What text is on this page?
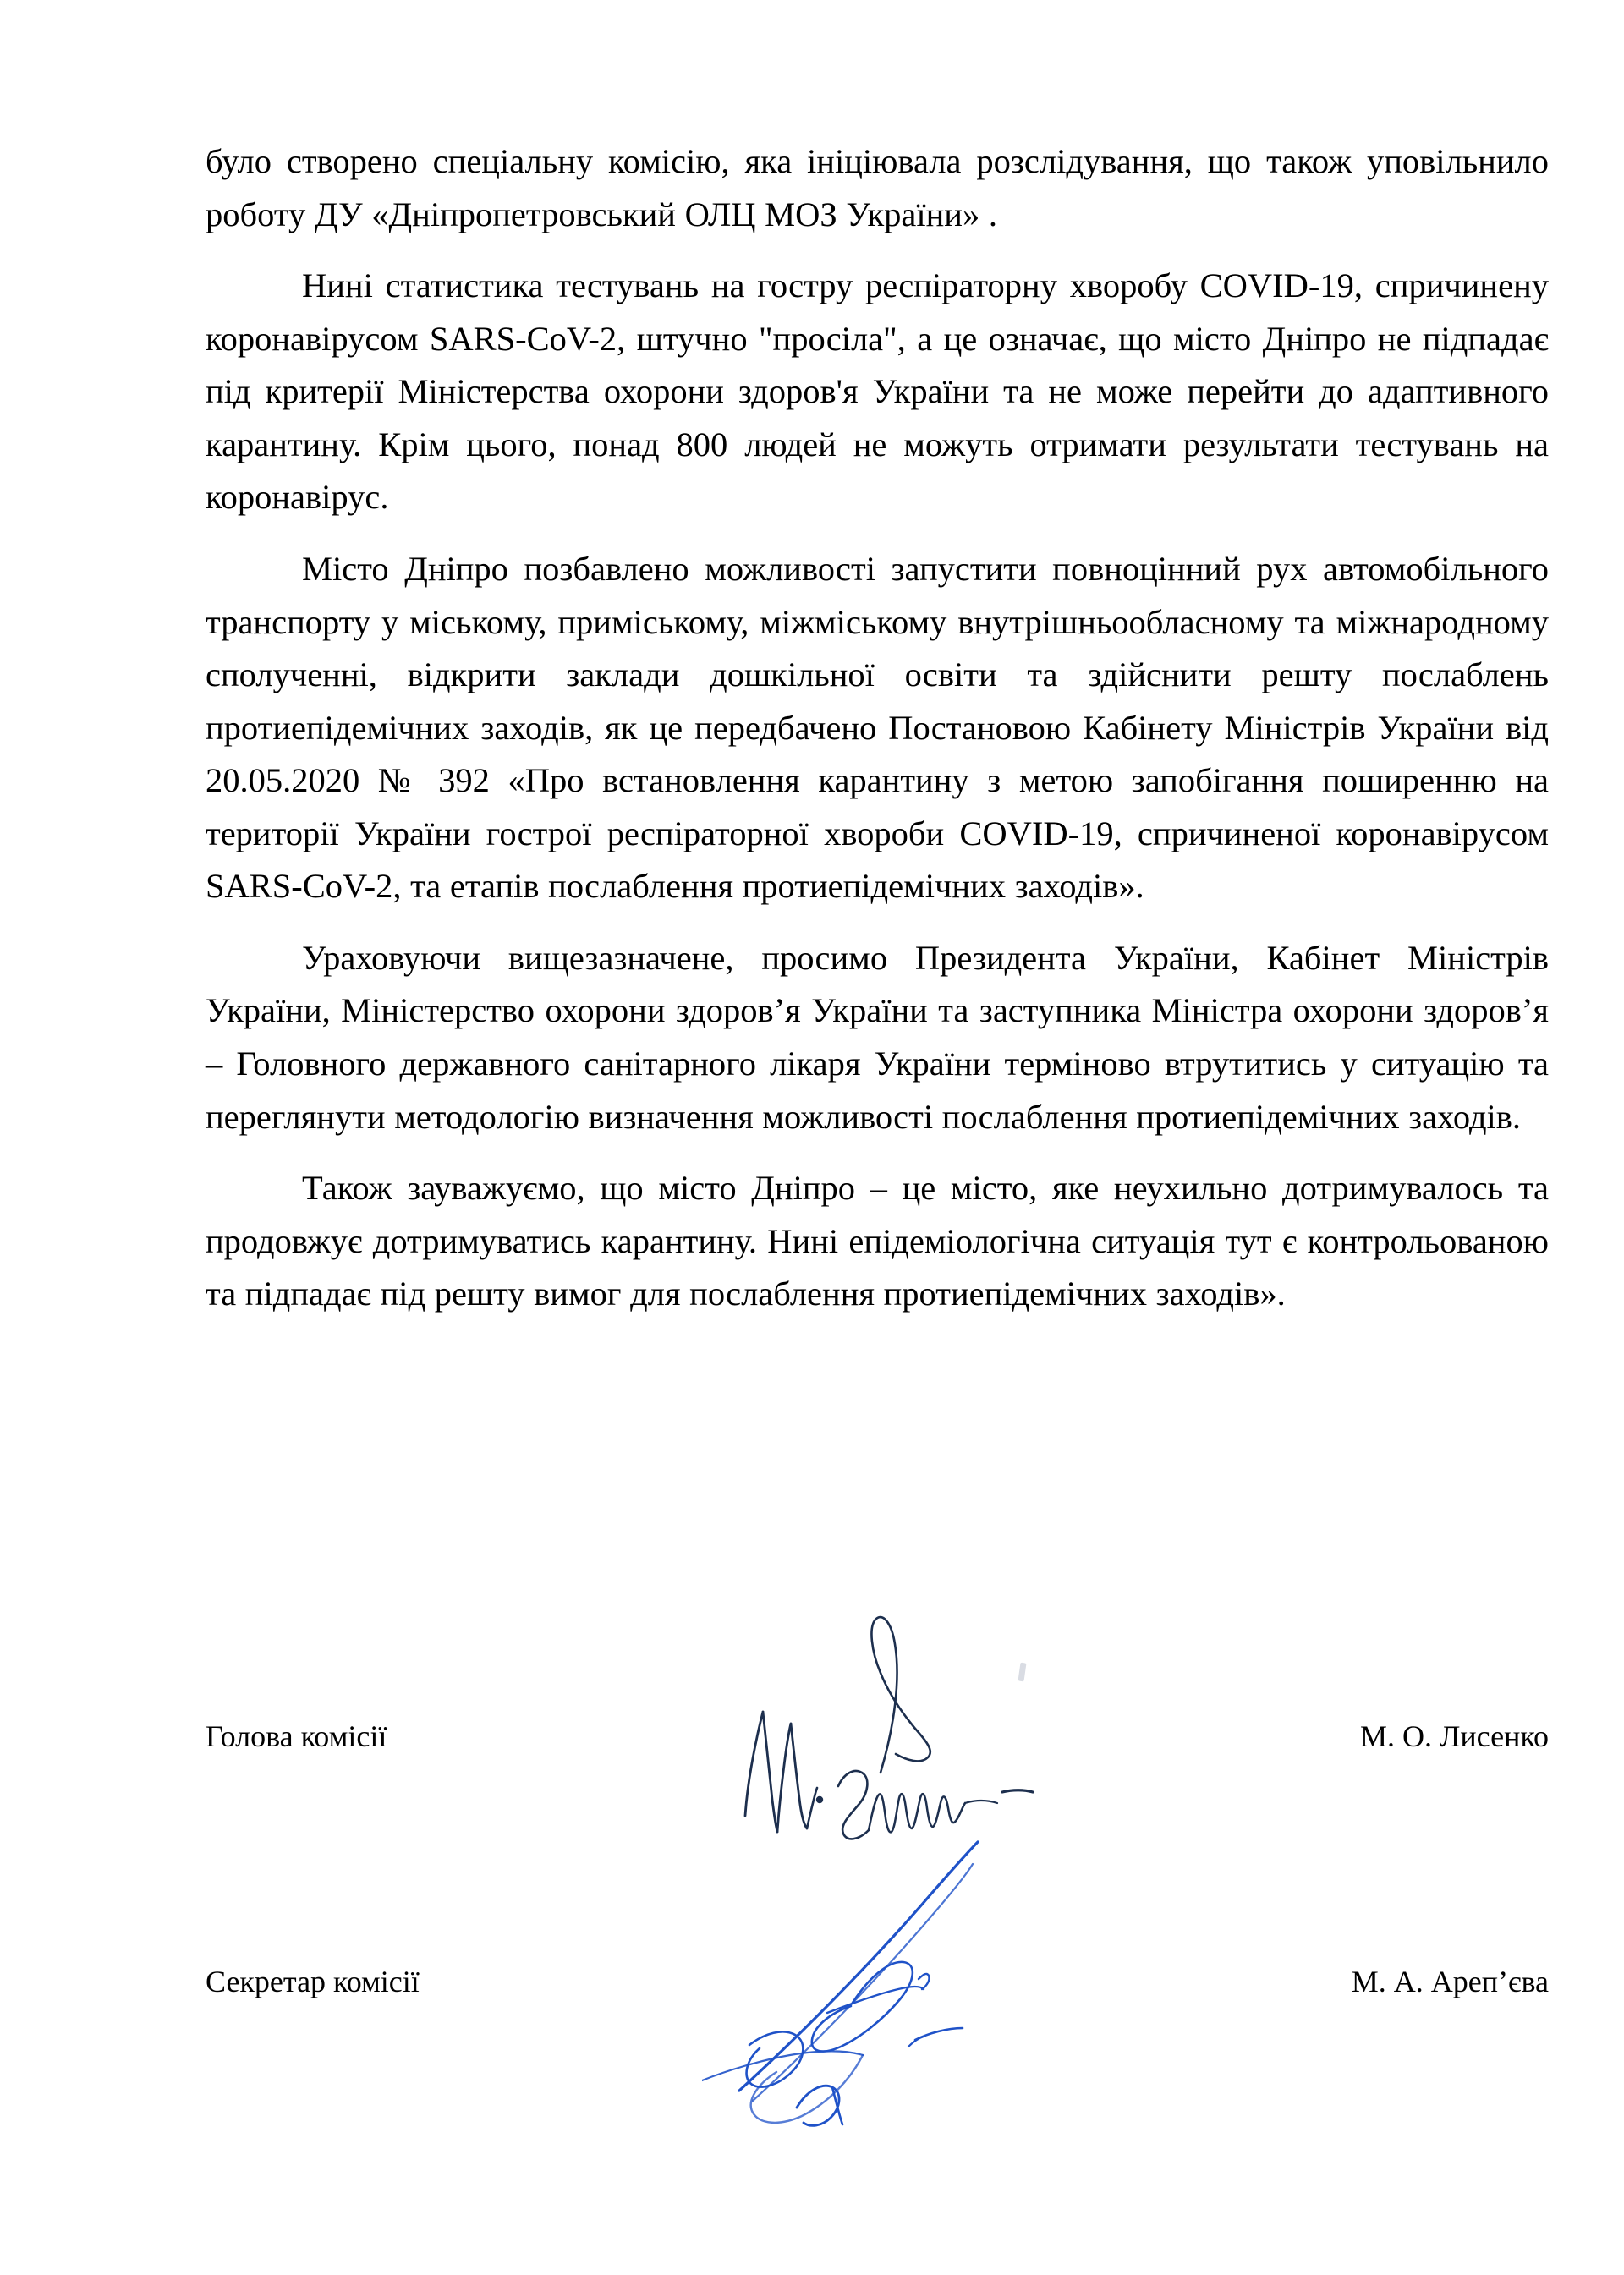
було створено спеціальну комісію, яка ініціювала розслідування, що також уповільнило роботу ДУ «Дніпропетровський ОЛЦ МОЗ України» .

Нині статистика тестувань на гостру респіраторну хворобу COVID-19, спричинену коронавірусом SARS-CoV-2, штучно "просіла", а це означає, що місто Дніпро не підпадає під критерії Міністерства охорони здоров'я України та не може перейти до адаптивного карантину. Крім цього, понад 800 людей не можуть отримати результати тестувань на коронавірус.

Місто Дніпро позбавлено можливості запустити повноцінний рух автомобільного транспорту у міському, приміському, міжміському внутрішньообласному та міжнародному сполученні, відкрити заклади дошкільної освіти та здійснити решту послаблень протиепідемічних заходів, як це передбачено Постановою Кабінету Міністрів України від 20.05.2020 № 392 «Про встановлення карантину з метою запобігання поширенню на території України гострої респіраторної хвороби COVID-19, спричиненої коронавірусом SARS-CoV-2, та етапів послаблення протиепідемічних заходів».

Ураховуючи вищезазначене, просимо Президента України, Кабінет Міністрів України, Міністерство охорони здоров’я України та заступника Міністра охорони здоров’я – Головного державного санітарного лікаря України терміново втрутитись у ситуацію та переглянути методологію визначення можливості послаблення протиепідемічних заходів.

Також зауважуємо, що місто Дніпро – це місто, яке неухильно дотримувалось та продовжує дотримуватись карантину. Нині епідеміологічна ситуація тут є контрольованою та підпадає під решту вимог для послаблення протиепідемічних заходів».

Голова комісії	М. О. Лисенко
Секретар комісії	М. А. Ареп’єва
